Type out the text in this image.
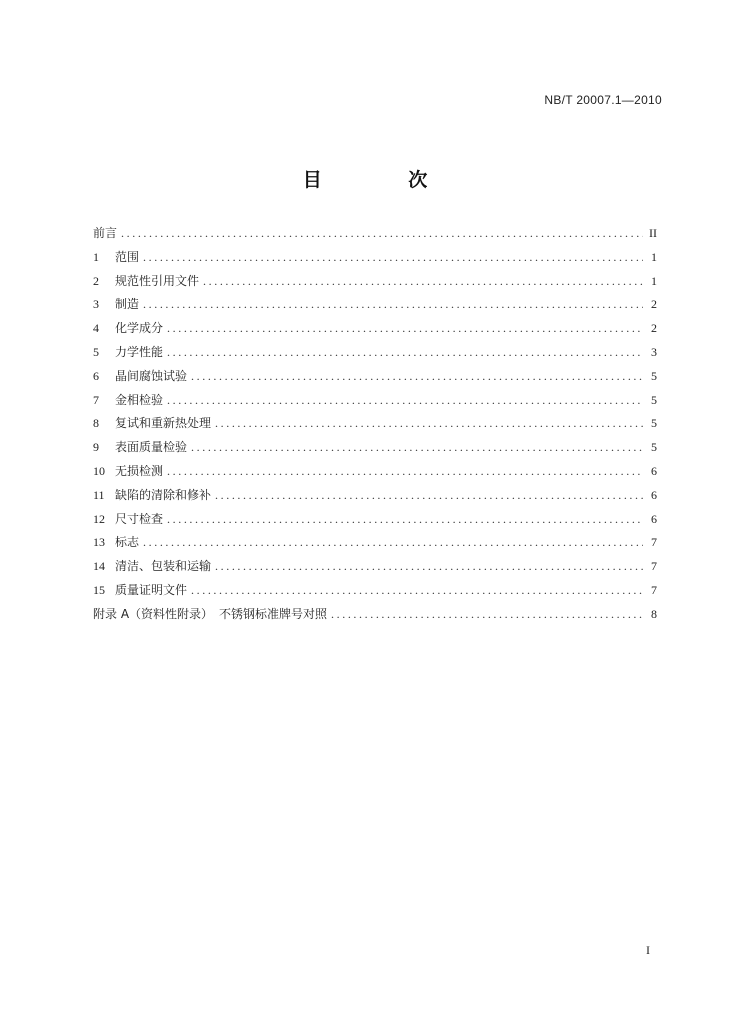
NB/T 20007.1—2010
目 次
前言 .....	II
1	范围 .....	1
2	规范性引用文件 .....	1
3	制造 .....	2
4	化学成分 .....	2
5	力学性能 .....	3
6	晶间腐蚀试验 .....	5
7	金相检验 .....	5
8	复试和重新热处理 .....	5
9	表面质量检验 .....	5
10 无损检测 .....	6
11 缺陷的清除和修补 .....	6
12 尺寸检查 .....	6
13 标志 .....	7
14 清洁、包装和运输 .....	7
15 质量证明文件 .....	7
附录 A（资料性附录）　不锈钢标准牌号对照 .....	8
I
